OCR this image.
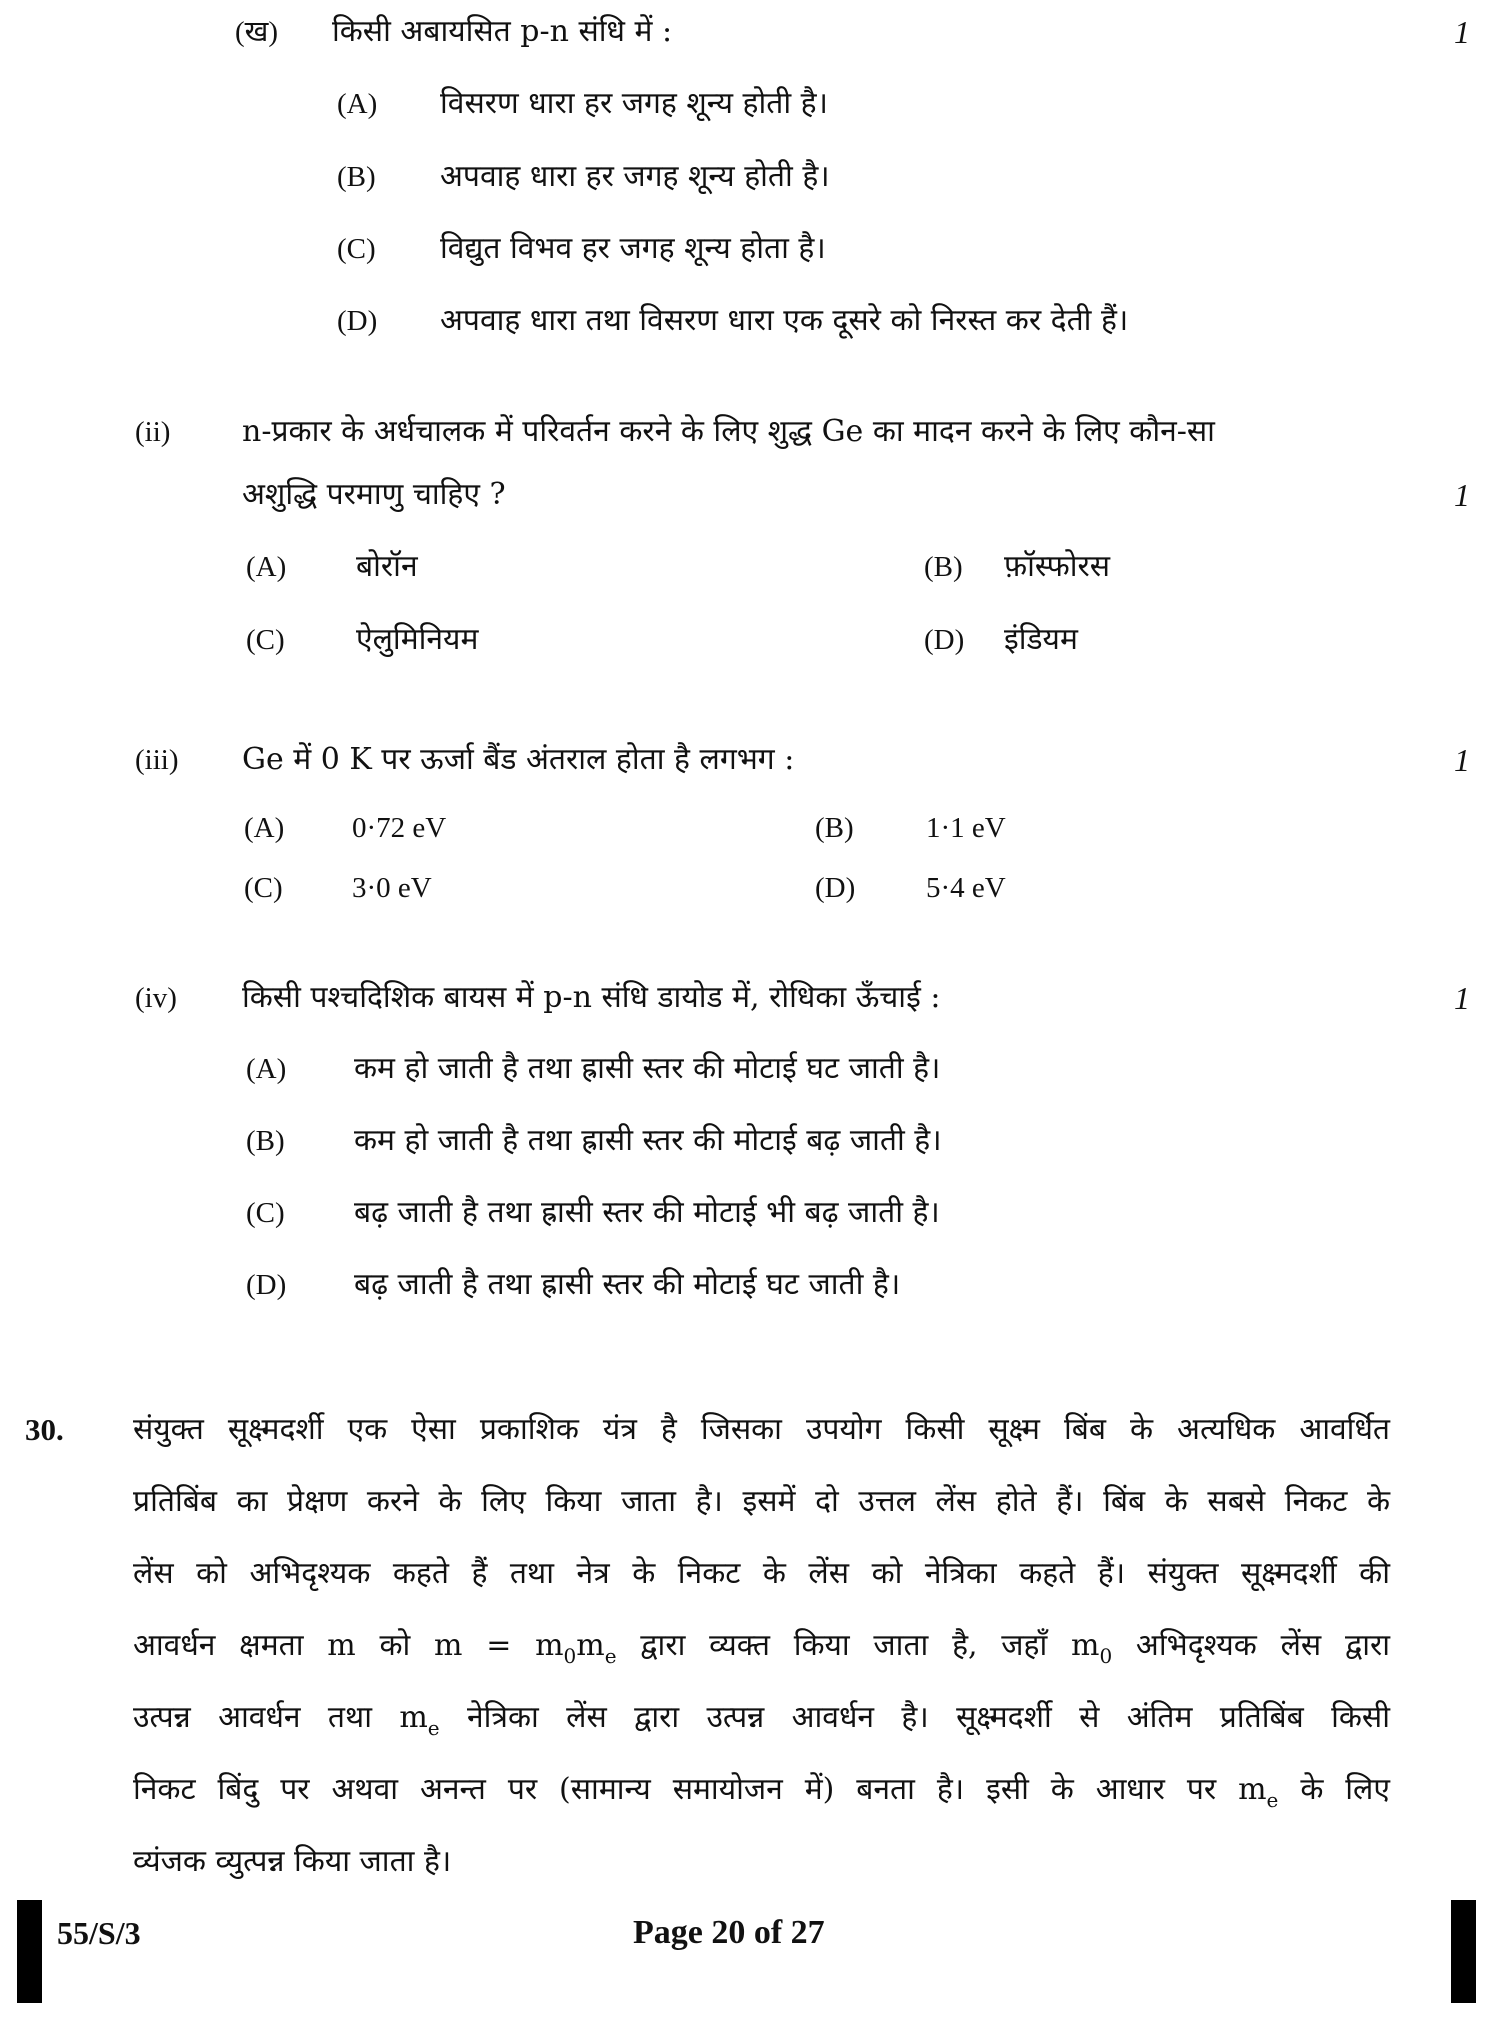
(ख) किसी अबायसित p-n संधि में :	1
(A) विसरण धारा हर जगह शून्य होती है।
(B) अपवाह धारा हर जगह शून्य होती है।
(C) विद्युत विभव हर जगह शून्य होता है।
(D) अपवाह धारा तथा विसरण धारा एक दूसरे को निरस्त कर देती हैं।
(ii) n-प्रकार के अर्धचालक में परिवर्तन करने के लिए शुद्ध Ge का मादन करने के लिए कौन-सा
अशुद्धि परमाणु चाहिए ?	1
(A) बोरॉन	(B) फ़ॉस्फोरस
(C) ऐलुमिनियम	(D) इंडियम
(iii) Ge में 0 K पर ऊर्जा बैंड अंतराल होता है लगभग :	1
(A) 0·72 eV	(B) 1·1 eV
(C) 3·0 eV	(D) 5·4 eV
(iv) किसी पश्चदिशिक बायस में p-n संधि डायोड में, रोधिका ऊँचाई :	1
(A) कम हो जाती है तथा ह्रासी स्तर की मोटाई घट जाती है।
(B) कम हो जाती है तथा ह्रासी स्तर की मोटाई बढ़ जाती है।
(C) बढ़ जाती है तथा ह्रासी स्तर की मोटाई भी बढ़ जाती है।
(D) बढ़ जाती है तथा ह्रासी स्तर की मोटाई घट जाती है।
30. संयुक्त सूक्ष्मदर्शी एक ऐसा प्रकाशिक यंत्र है जिसका उपयोग किसी सूक्ष्म बिंब के अत्यधिक आवर्धित
प्रतिबिंब का प्रेक्षण करने के लिए किया जाता है। इसमें दो उत्तल लेंस होते हैं। बिंब के सबसे निकट के
लेंस को अभिदृश्यक कहते हैं तथा नेत्र के निकट के लेंस को नेत्रिका कहते हैं। संयुक्त सूक्ष्मदर्शी की
आवर्धन क्षमता m को $m = m_0m_e$ द्वारा व्यक्त किया जाता है, जहाँ $m_0$ अभिदृश्यक लेंस द्वारा
उत्पन्न आवर्धन तथा $m_e$ नेत्रिका लेंस द्वारा उत्पन्न आवर्धन है। सूक्ष्मदर्शी से अंतिम प्रतिबिंब किसी
निकट बिंदु पर अथवा अनन्त पर (सामान्य समायोजन में) बनता है। इसी के आधार पर $m_e$ के लिए
व्यंजक व्युत्पन्न किया जाता है।
55/S/3	Page 20 of 27
